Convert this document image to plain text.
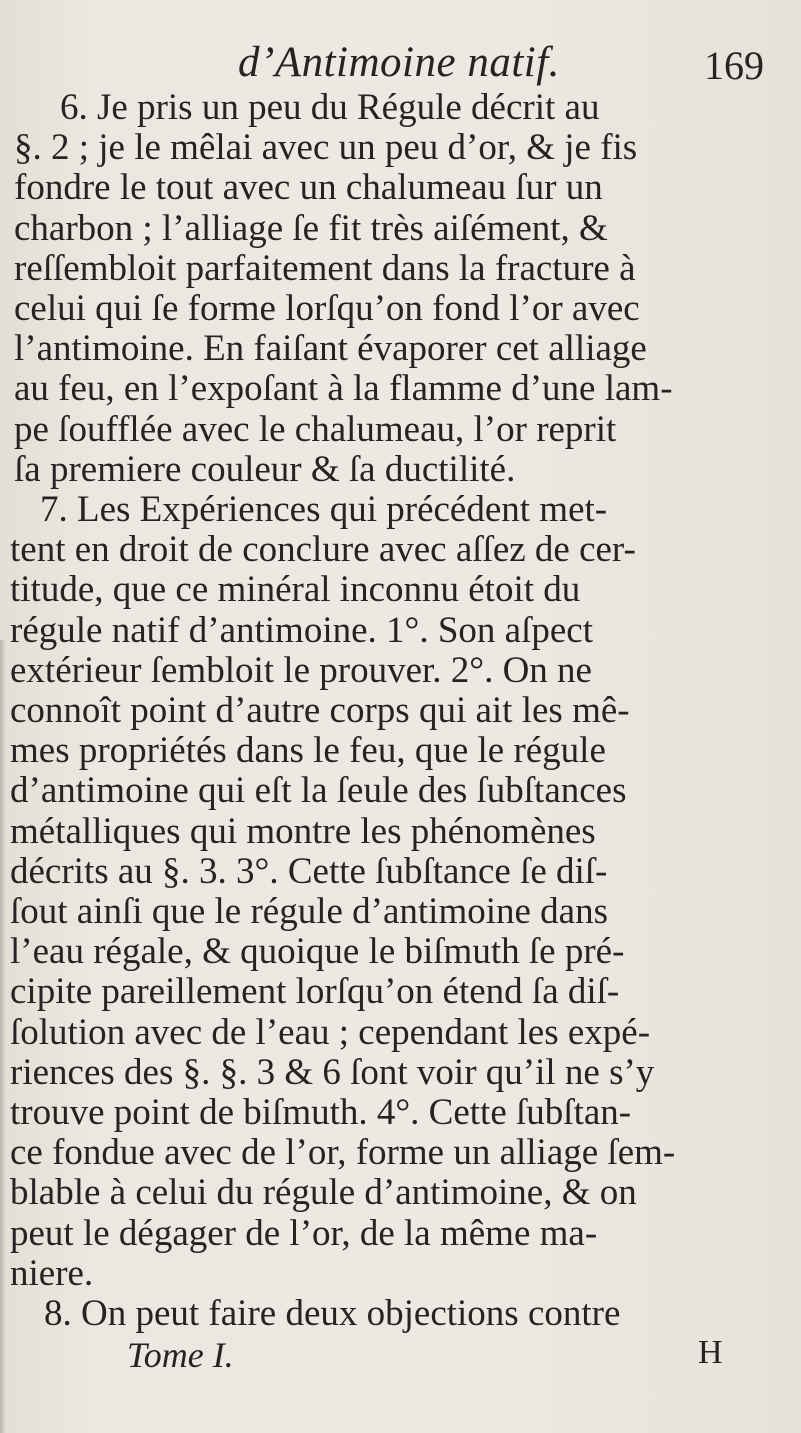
d’Antimoine natif.	169
6. Je pris un peu du Régule décrit au
§. 2 ; je le mêlai avec un peu d’or, & je fis
fondre le tout avec un chalumeau ſur un
charbon ; l’alliage ſe fit très aiſément, &
reſſembloit parfaitement dans la fracture à
celui qui ſe forme lorſqu’on fond l’or avec
l’antimoine. En faiſant évaporer cet alliage
au feu, en l’expoſant à la flamme d’une lam-
pe ſoufflée avec le chalumeau, l’or reprit
ſa premiere couleur & ſa ductilité.
7. Les Expériences qui précédent met-
tent en droit de conclure avec aſſez de cer-
titude, que ce minéral inconnu étoit du
régule natif d’antimoine. 1°. Son aſpect
extérieur ſembloit le prouver. 2°. On ne
connoît point d’autre corps qui ait les mê-
mes propriétés dans le feu, que le régule
d’antimoine qui eſt la ſeule des ſubſtances
métalliques qui montre les phénomènes
décrits au §. 3. 3°. Cette ſubſtance ſe diſ-
ſout ainſi que le régule d’antimoine dans
l’eau régale, & quoique le biſmuth ſe pré-
cipite pareillement lorſqu’on étend ſa diſ-
ſolution avec de l’eau ; cependant les expé-
riences des §. §. 3 & 6 ſont voir qu’il ne s’y
trouve point de biſmuth. 4°. Cette ſubſtan-
ce fondue avec de l’or, forme un alliage ſem-
blable à celui du régule d’antimoine, & on
peut le dégager de l’or, de la même ma-
niere.
8. On peut faire deux objections contre
Tome I.	H
